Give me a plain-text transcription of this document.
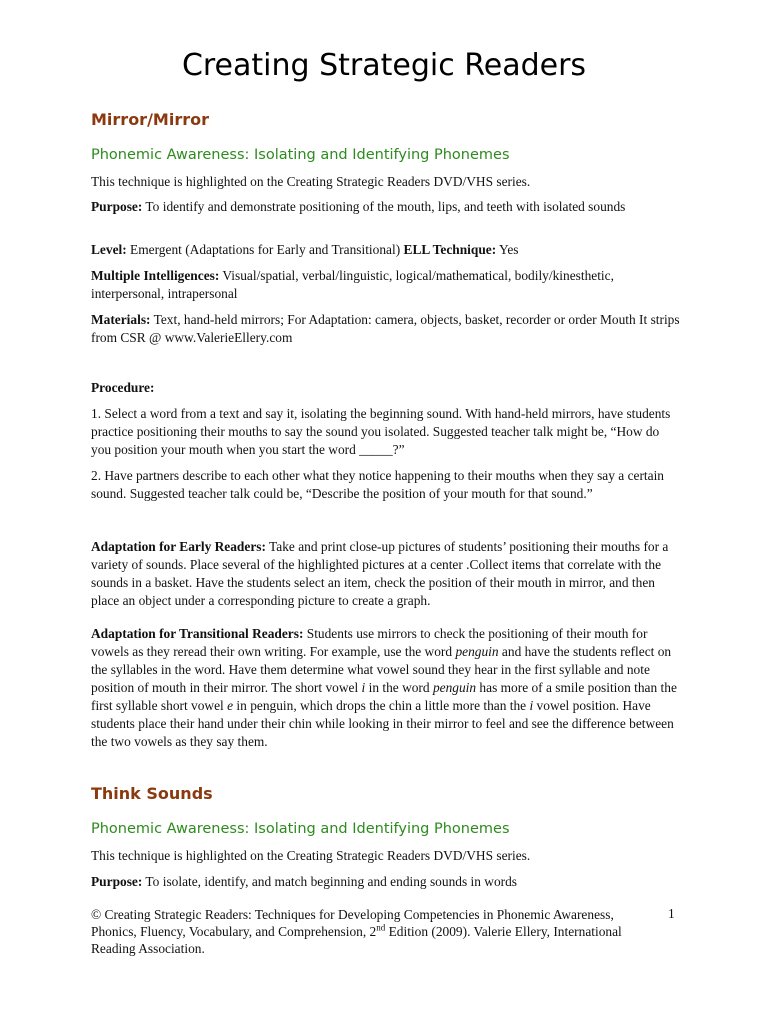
Creating Strategic Readers
Mirror/Mirror
Phonemic Awareness: Isolating and Identifying Phonemes

This technique is highlighted on the Creating Strategic Readers DVD/VHS series.

Purpose: To identify and demonstrate positioning of the mouth, lips, and teeth with isolated sounds

Level: Emergent (Adaptations for Early and Transitional) ELL Technique: Yes

Multiple Intelligences: Visual/spatial, verbal/linguistic, logical/mathematical, bodily/kinesthetic, interpersonal, intrapersonal

Materials: Text, hand-held mirrors; For Adaptation: camera, objects, basket, recorder or order Mouth It strips from CSR @ www.ValerieEllery.com

Procedure:

1. Select a word from a text and say it, isolating the beginning sound. With hand-held mirrors, have students practice positioning their mouths to say the sound you isolated. Suggested teacher talk might be, “How do you position your mouth when you start the word _____?”

2. Have partners describe to each other what they notice happening to their mouths when they say a certain sound. Suggested teacher talk could be, “Describe the position of your mouth for that sound.”

Adaptation for Early Readers: Take and print close-up pictures of students’ positioning their mouths for a variety of sounds. Place several of the highlighted pictures at a center .Collect items that correlate with the sounds in a basket. Have the students select an item, check the position of their mouth in mirror, and then place an object under a corresponding picture to create a graph.

Adaptation for Transitional Readers: Students use mirrors to check the positioning of their mouth for vowels as they reread their own writing. For example, use the word penguin and have the students reflect on the syllables in the word. Have them determine what vowel sound they hear in the first syllable and note position of mouth in their mirror. The short vowel i in the word penguin has more of a smile position than the first syllable short vowel e in penguin, which drops the chin a little more than the i vowel position. Have students place their hand under their chin while looking in their mirror to feel and see the difference between the two vowels as they say them.

Think Sounds
Phonemic Awareness: Isolating and Identifying Phonemes

This technique is highlighted on the Creating Strategic Readers DVD/VHS series.

Purpose: To isolate, identify, and match beginning and ending sounds in words

© Creating Strategic Readers: Techniques for Developing Competencies in Phonemic Awareness, Phonics, Fluency, Vocabulary, and Comprehension, 2nd Edition (2009). Valerie Ellery, International Reading Association.

1
